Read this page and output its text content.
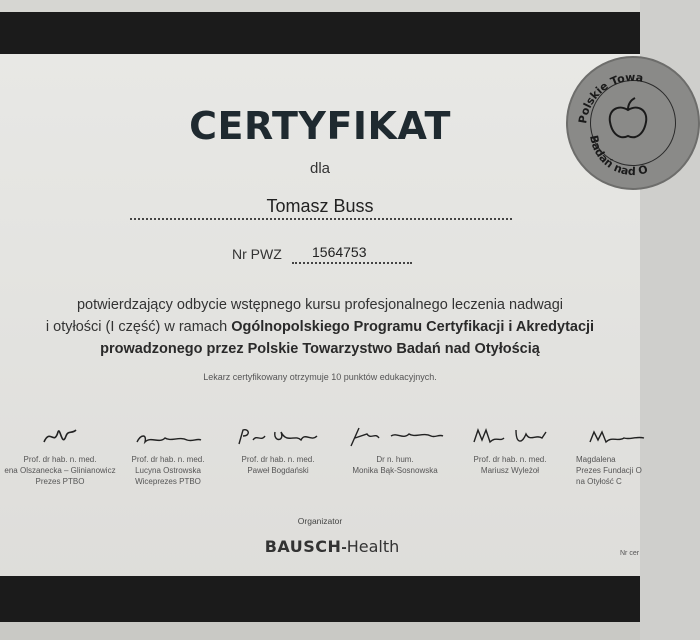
Polskie Towa
Badań nad O
CERTYFIKAT
dla
Tomasz Buss
Nr PWZ 1564753
potwierdzający odbycie wstępnego kursu profesjonalnego leczenia nadwagi
i otyłości (I część) w ramach Ogólnopolskiego Programu Certyfikacji i Akredytacji
prowadzonego przez Polskie Towarzystwo Badań nad Otyłością
Lekarz certyfikowany otrzymuje 10 punktów edukacyjnych.
Prof. dr hab. n. med.
ena Olszanecka – Glinianowicz
Prezes PTBO
Prof. dr hab. n. med.
Lucyna Ostrowska
Wiceprezes PTBO
Prof. dr hab. n. med.
Paweł Bogdański
Dr n. hum.
Monika Bąk-Sosnowska
Prof. dr hab. n. med.
Mariusz Wyleżoł
Magdalena
Prezes Fundacji O
na Otyłość C
Organizator
BAUSCH-Health	Nr cer
